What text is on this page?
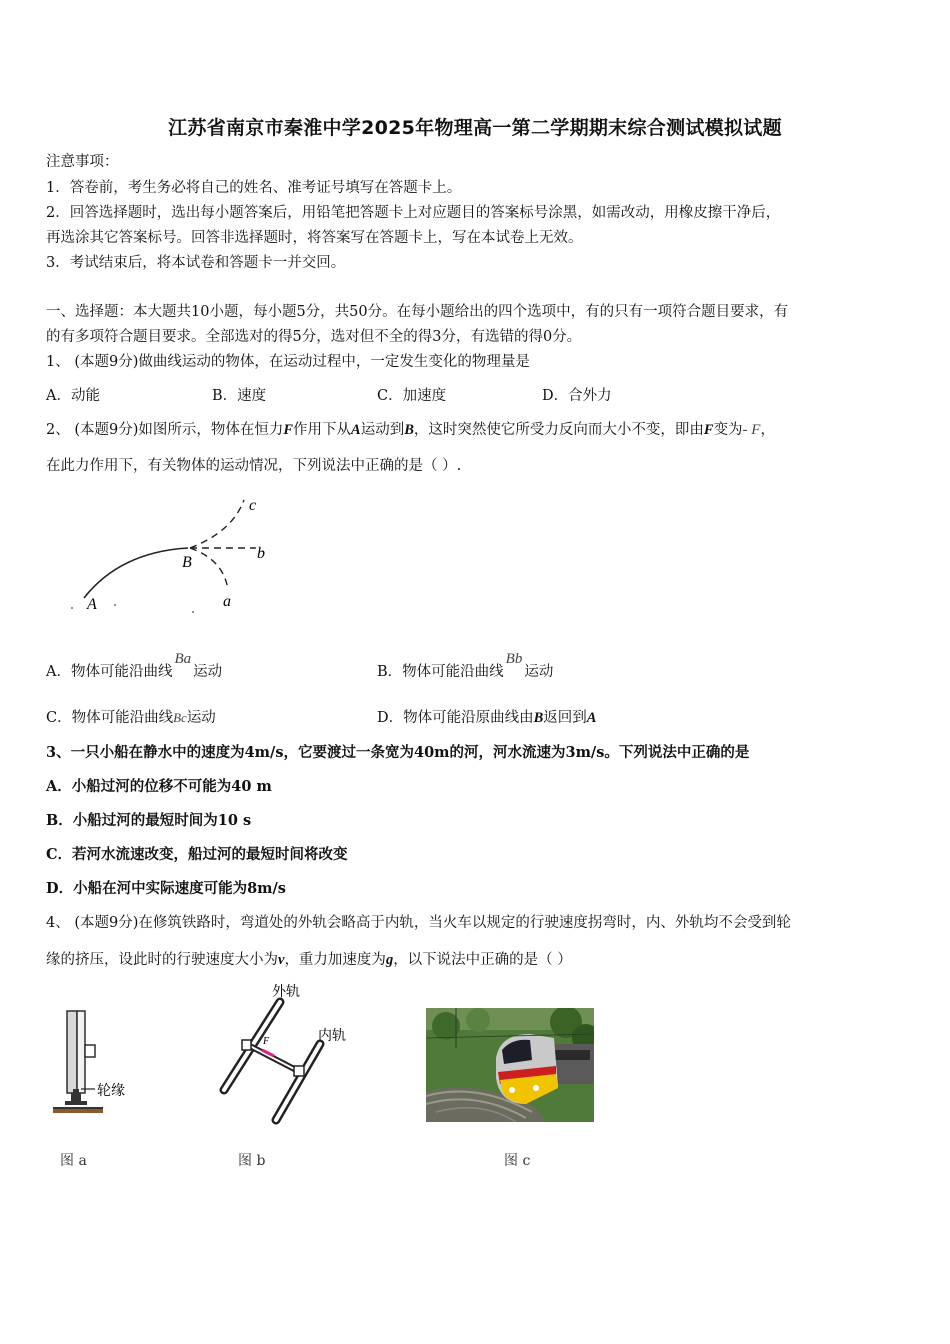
江苏省南京市秦淮中学2025年物理高一第二学期期末综合测试模拟试题
注意事项：
1．答卷前，考生务必将自己的姓名、准考证号填写在答题卡上。
2．回答选择题时，选出每小题答案后，用铅笔把答题卡上对应题目的答案标号涂黑，如需改动，用橡皮擦干净后，
再选涂其它答案标号。回答非选择题时，将答案写在答题卡上，写在本试卷上无效。
3．考试结束后，将本试卷和答题卡一并交回。
一、选择题：本大题共10小题，每小题5分，共50分。在每小题给出的四个选项中，有的只有一项符合题目要求，有
的有多项符合题目要求。全部选对的得5分，选对但不全的得3分，有选错的得0分。
1、 (本题9分)做曲线运动的物体，在运动过程中，一定发生变化的物理量是
A．动能	B．速度	C．加速度	D．合外力
2、 (本题9分)如图所示，物体在恒力F作用下从A运动到B，这时突然使它所受力反向而大小不变，即由F变为- F，
在此力作用下，有关物体的运动情况，下列说法中正确的是（ ）.
A
B
a
b
c
A．物体可能沿曲线Ba运动	B．物体可能沿曲线Bb运动
C．物体可能沿曲线Bc运动	D．物体可能沿原曲线由B返回到A
3、一只小船在静水中的速度为4m/s，它要渡过一条宽为40m的河，河水流速为3m/s。下列说法中正确的是
A．小船过河的位移不可能为40 m
B．小船过河的最短时间为10 s
C．若河水流速改变，船过河的最短时间将改变
D．小船在河中实际速度可能为8m/s
4、 (本题9分)在修筑铁路时，弯道处的外轨会略高于内轨，当火车以规定的行驶速度拐弯时，内、外轨均不会受到轮
缘的挤压，设此时的行驶速度大小为v，重力加速度为g，以下说法中正确的是（ ）
轮缘
外轨
内轨
F
图 a	图 b	图 c
